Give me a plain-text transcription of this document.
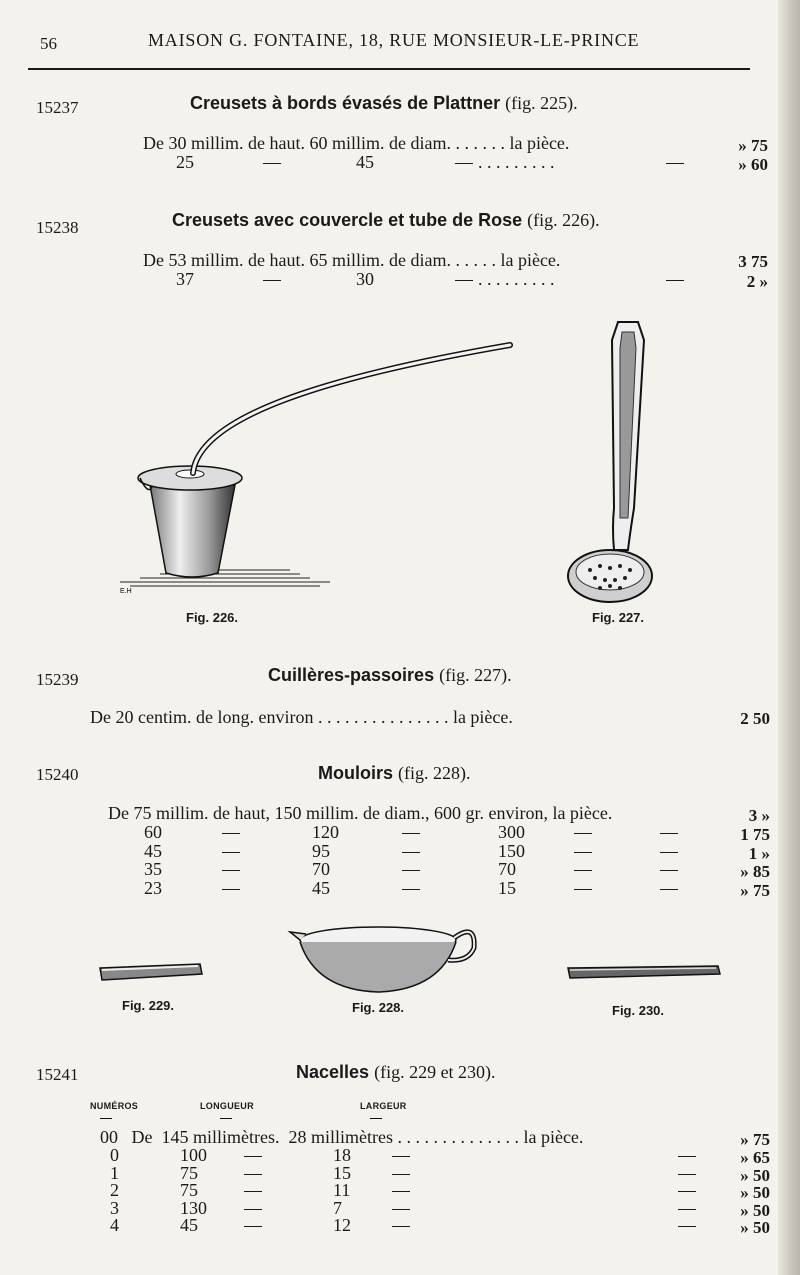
56	MAISON G. FONTAINE, 18, RUE MONSIEUR-LE-PRINCE
15237	Creusets à bords évasés de Plattner (fig. 225).
De 30 millim. de haut. 60 millim. de diam. . . . . . . la pièce.	» 75
25	45	. . . . . . . . .	» 60
15238	Creusets avec couvercle et tube de Rose (fig. 226).
De 53 millim. de haut. 65 millim. de diam. . . . . . la pièce.	3 75
37	30	. . . . . . . . .	2 »
E.H
Fig. 226.	Fig. 227.
15239	Cuillères-passoires (fig. 227).
De 20 centim. de long. environ . . . . . . . . . . . . . . . la pièce.	2 50
15240	Mouloirs (fig. 228).
De 75 millim. de haut, 150 millim. de diam., 600 gr. environ, la pièce.	3 »
60	120	300	1 75
45	95	150	1 »
35	70	70	» 85
23	45	15	» 75
Fig. 229.	Fig. 228.	Fig. 230.
15241	Nacelles (fig. 229 et 230).
NUMÉROS	LONGUEUR	LARGEUR
00   De  145 millimètres.  28 millimètres . . . . . . . . . . . . . . la pièce.	» 75
0	100	18	» 65
1	75	15	» 50
2	75	11	» 50
3	130	7	» 50
4	45	12	» 50
